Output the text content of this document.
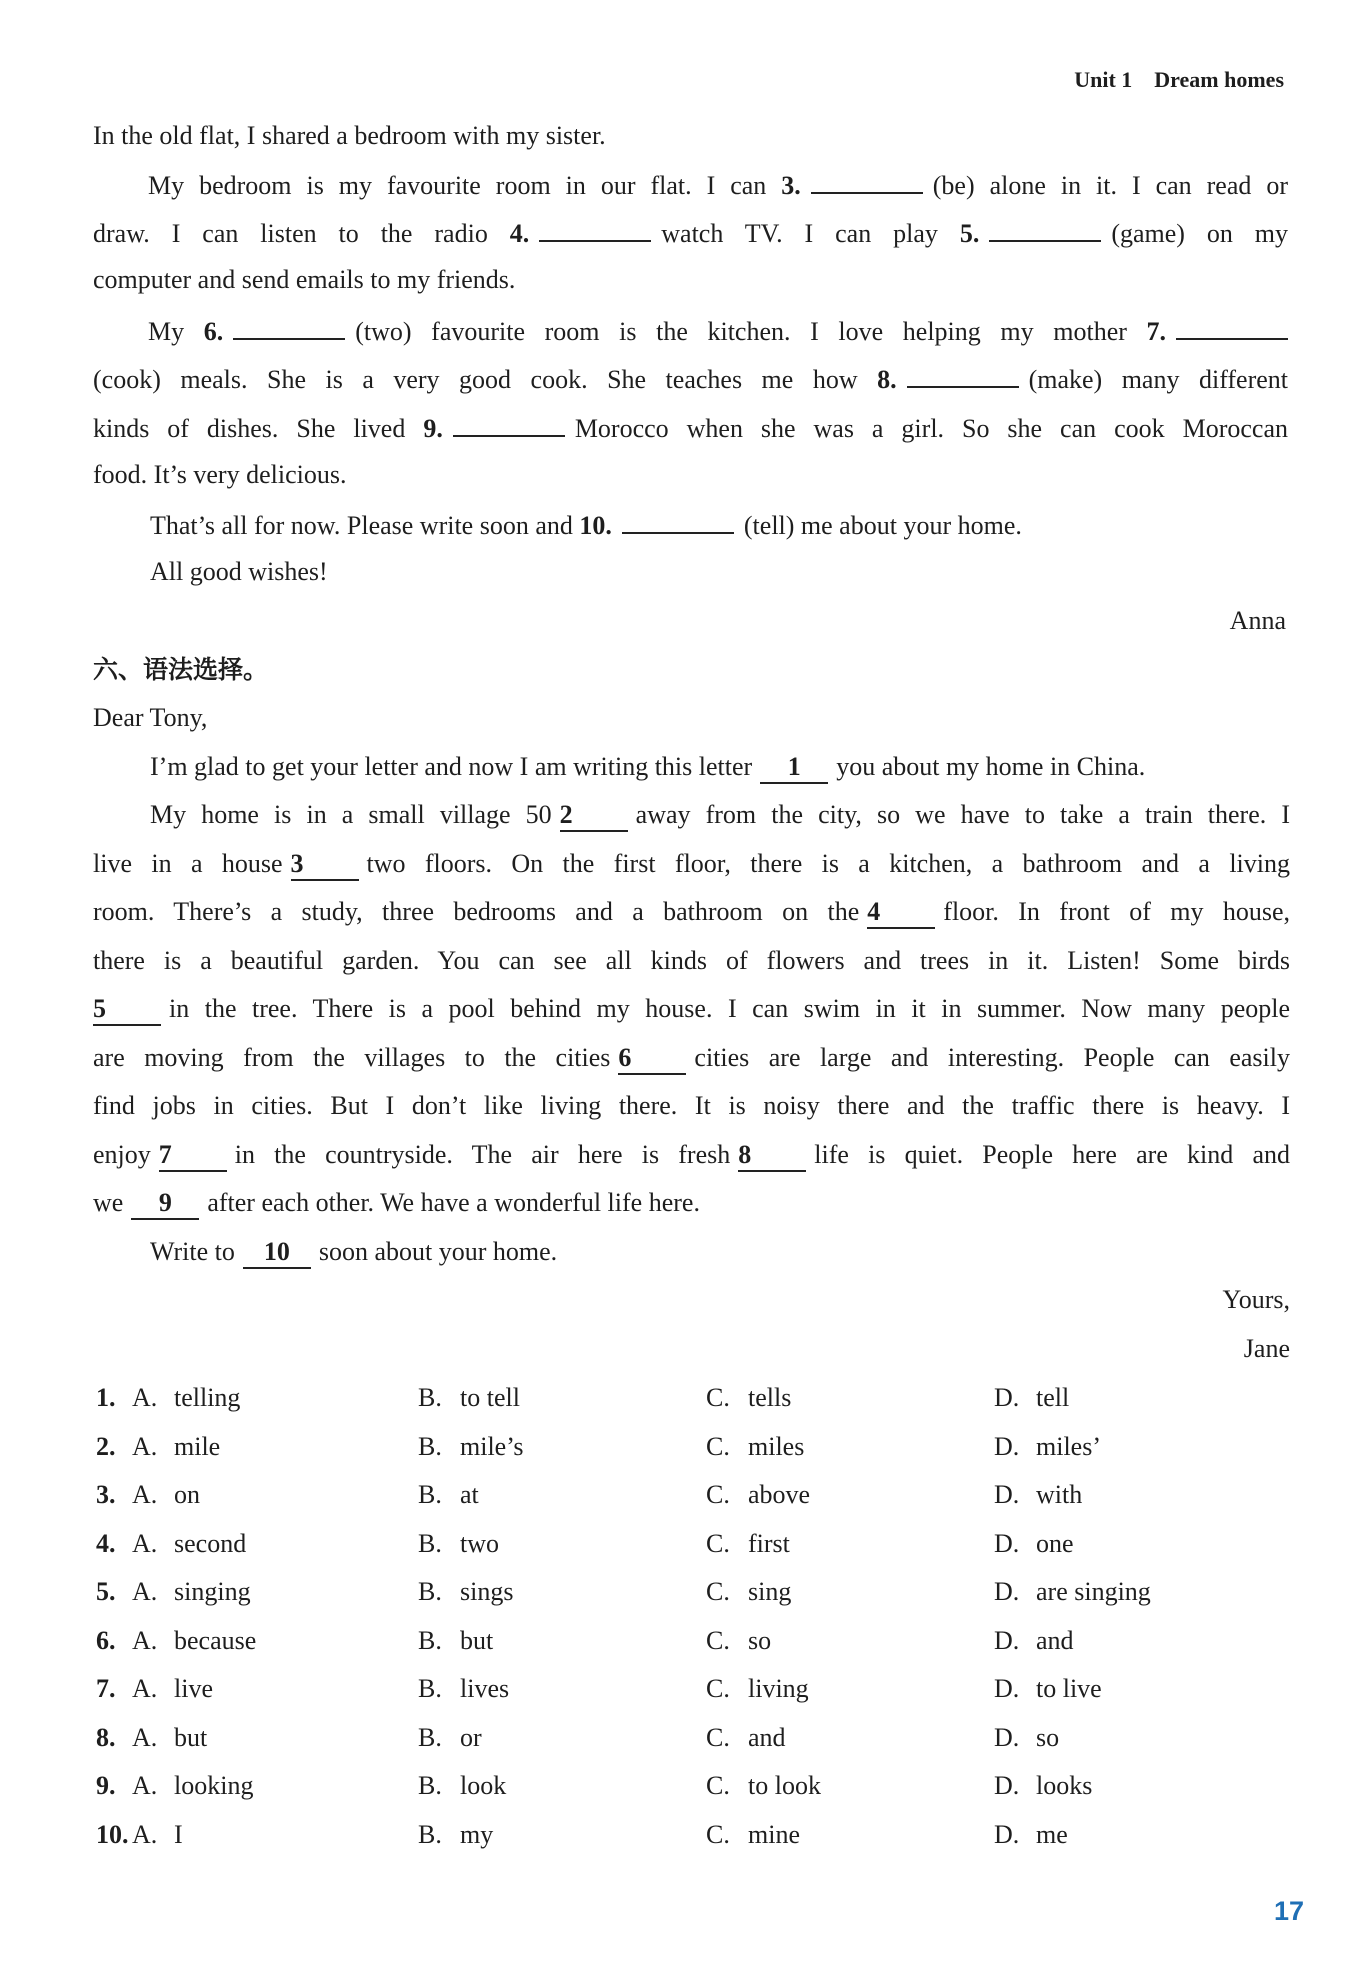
Unit 1 Dream homes
In the old flat, I shared a bedroom with my sister.
My bedroom is my favourite room in our flat. I can 3.	(be) alone in it. I can read or
draw. I can listen to the radio 4.	watch TV. I can play 5.	(game) on my
computer and send emails to my friends.
My 6.	(two) favourite room is the kitchen. I love helping my mother 7.
(cook) meals. She is a very good cook. She teaches me how 8.	(make) many different
kinds of dishes. She lived 9.	Morocco when she was a girl. So she can cook Moroccan
food. It’s very delicious.
That’s all for now. Please write soon and 10.	(tell) me about your home.
All good wishes!
Anna
六、语法选择。
Dear Tony,
I’m glad to get your letter and now I am writing this letter 1 you about my home in China.
My home is in a small village 50 2 away from the city, so we have to take a train there. I
live in a house 3 two floors. On the first floor, there is a kitchen, a bathroom and a living
room. There’s a study, three bedrooms and a bathroom on the 4 floor. In front of my house,
there is a beautiful garden. You can see all kinds of flowers and trees in it. Listen! Some birds
5 in the tree. There is a pool behind my house. I can swim in it in summer. Now many people
are moving from the villages to the cities 6 cities are large and interesting. People can easily
find jobs in cities. But I don’t like living there. It is noisy there and the traffic there is heavy. I
enjoy 7 in the countryside. The air here is fresh 8 life is quiet. People here are kind and
we 9 after each other. We have a wonderful life here.
Write to 10 soon about your home.
Yours,
Jane
1. A. telling	B. to tell	C. tells	D. tell
2. A. mile	B. mile’s	C. miles	D. miles’
3. A. on	B. at	C. above	D. with
4. A. second	B. two	C. first	D. one
5. A. singing	B. sings	C. sing	D. are singing
6. A. because	B. but	C. so	D. and
7. A. live	B. lives	C. living	D. to live
8. A. but	B. or	C. and	D. so
9. A. looking	B. look	C. to look	D. looks
10. A. I	B. my	C. mine	D. me
17
